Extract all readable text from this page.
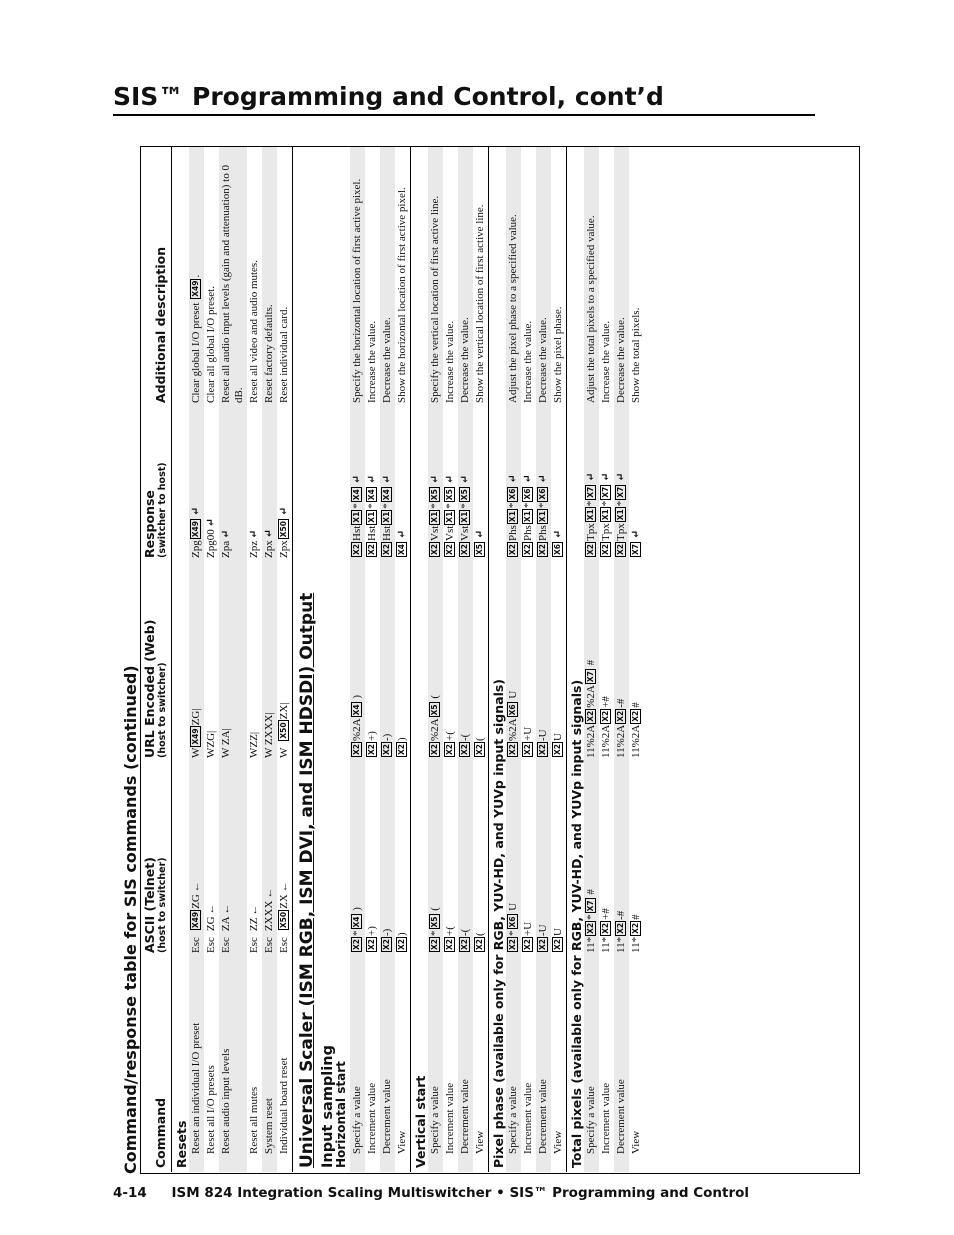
SIS™ Programming and Control, cont’d
Command/response table for SIS commands (continued)	Command	ASCII (Telnet) (host to switcher)	URL Encoded (Web) (host to switcher)	Response (switcher to host)	Additional description
Resets				
Reset an individual I/O preset	EscX49ZG←	WX49ZG|	ZpgX49↵	Clear global I/O preset X49.
Reset all I/O presets	EscZG←	WZG|	Zpg00↵	Clear all global I/O preset.
Reset audio input levels	EscZA←	W ZA|	Zpa↵	Reset all audio input levels (gain and attenuation) to 0 dB.
Reset all mutes	EscZZ←	WZZ|	Zpz↵	Reset all video and audio mutes.
System reset	EscZXXX←	W ZXXX|	Zpx↵	Reset factory defaults.
Individual board reset	EscX50ZX←	WX50ZX|	ZpxX50↵	Reset individual card.
Universal Scaler (ISM RGB, ISM DVI, and ISM HDSDI) Output				
Input sampling				
Horizontal start				
Specify a value	X2*X4 )	X2%2AX4 )	X2HstX1*X4↵	Specify the horizontal location of first active pixel.
Increment value	X2+)	X2+)	X2HstX1*X4↵	Increase the value.
Decrement value	X2-)	X2-)	X2HstX1*X4↵	Decrease the value.
View	X2)	X2)	X4↵	Show the horizontal location of first active pixel.
Vertical start				
Specify a value	X2*X5 (	X2%2AX5 (	X2VstX1*X5↵	Specify the vertical location of first active line.
Increment value	X2+(	X2+(	X2VstX1*X5↵	Increase the value.
Decrement value	X2-(	X2-(	X2VstX1*X5↵	Decrease the value.
View	X2(	X2(	X5↵	Show the vertical location of first active line.
Pixel phase (available only for RGB, YUV-HD, and YUVp input signals)				
Specify a value	X2*X6 U	X2%2AX6 U	X2PhsX1*X6↵	Adjust the pixel phase to a specified value.
Increment value	X2+U	X2+U	X2PhsX1*X6↵	Increase the value.
Decrement value	X2-U	X2-U	X2PhsX1*X6↵	Decrease the value.
View	X2U	X2U	X6↵	Show the pixel phase.
Total pixels (available only for RGB, YUV-HD, and YUVp input signals)				
Specify a value	11*X2*X7 #	11%2AX2%2AX7 #	X2TpxX1*X7↵	Adjust the total pixels to a specified value.
Increment value	11*X2+#	11%2AX2+#	X2TpxX1*X7↵	Increase the value.
Decrement value	11*X2-#	11%2AX2-#	X2TpxX1*X7↵	Decrease the value.
View	11*X2#	11%2AX2#	X7↵	Show the total pixels.
4-14 ISM 824 Integration Scaling Multiswitcher • SIS™ Programming and Control
